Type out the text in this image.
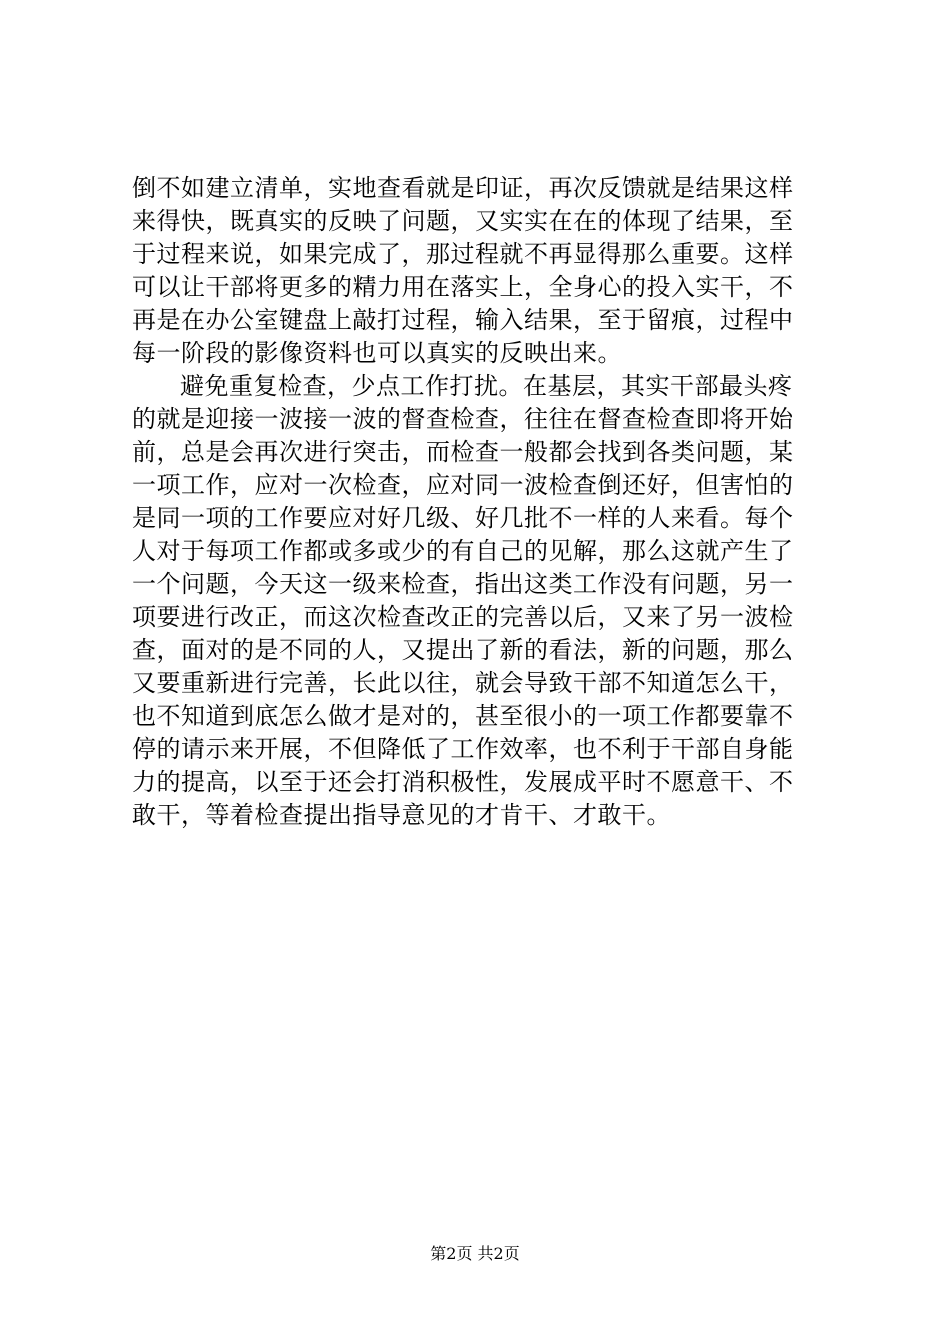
倒不如建立清单，实地查看就是印证，再次反馈就是结果这样
来得快，既真实的反映了问题，又实实在在的体现了结果，至
于过程来说，如果完成了，那过程就不再显得那么重要。这样
可以让干部将更多的精力用在落实上，全身心的投入实干，不
再是在办公室键盘上敲打过程，输入结果，至于留痕，过程中
每一阶段的影像资料也可以真实的反映出来。
避免重复检查，少点工作打扰。在基层，其实干部最头疼
的就是迎接一波接一波的督查检查，往往在督查检查即将开始
前，总是会再次进行突击，而检查一般都会找到各类问题，某
一项工作，应对一次检查，应对同一波检查倒还好，但害怕的
是同一项的工作要应对好几级、好几批不一样的人来看。每个
人对于每项工作都或多或少的有自己的见解，那么这就产生了
一个问题，今天这一级来检查，指出这类工作没有问题，另一
项要进行改正，而这次检查改正的完善以后，又来了另一波检
查，面对的是不同的人，又提出了新的看法，新的问题，那么
又要重新进行完善，长此以往，就会导致干部不知道怎么干，
也不知道到底怎么做才是对的，甚至很小的一项工作都要靠不
停的请示来开展，不但降低了工作效率，也不利于干部自身能
力的提高，以至于还会打消积极性，发展成平时不愿意干、不
敢干，等着检查提出指导意见的才肯干、才敢干。
第2页 共2页
